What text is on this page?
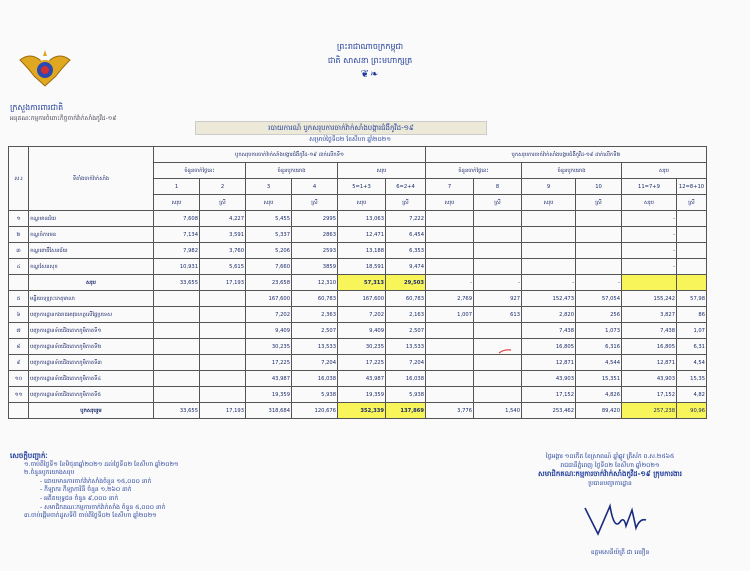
ក្រសួងការពារជាតិ
អនុគណៈកម្មការចំពោះកិច្ចចាក់វ៉ាក់សាំងកូវីដ-១៩
ព្រះរាជាណាចក្រកម្ពុជា
ជាតិ សាសនា ព្រះមហាក្សត្រ
❦❧
របាយការណ៍ បូកសរុបការចាក់វ៉ាក់សាំងបង្ការជំងឺកូវីដ-១៩
សម្រាប់ថ្ងៃទី០២ ខែសីហា ឆ្នាំ២០២១
ល.រ	ទីតាំងចាក់វ៉ាក់សាំង	បូកសរុបការចាក់វ៉ាក់សាំងបង្ការជំងឺកូវីដ-១៩ ដាក់លើកទី១						បូកសរុបការចាក់វ៉ាក់សាំងបង្ការជំងឺកូវីដ-១៩ ដាក់លើកទី២					
		ចំនួនចាក់ថ្ងៃនេះ		ចំនួនបូកយោង		សរុប		ចំនួនចាក់ថ្ងៃនេះ		ចំនួនបូកយោង		សរុប	
		1	2	3	4	5=1+3	6=2+4	7	8	9	10	11=7+9	12=8+10
		សរុប	ស្រី	សរុប	ស្រី	សរុប	ស្រី	សរុប	ស្រី	សរុប	ស្រី	សរុប	ស្រី
១	ខណ្ឌមានជ័យ	7,608	4,227	5,455	2995	13,063	7,222					-	
២	ខណ្ឌចំការមន	7,134	3,591	5,337	2863	12,471	6,454					-	
៣	ខណ្ឌពោធិ៍សែនជ័យ	7,982	3,760	5,206	2593	13,188	6,353					-	
៤	ខណ្ឌសែនសុខ	10,931	5,615	7,660	3859	18,591	9,474					-	
	សរុប	33,655	17,193	23,658	12,310	57,313	29,503	-	-	-	-		
៥	មន្ទីរពេទ្យព្រះកេតុមាលា			167,600	60,783	167,600	60,783	2,769	927	152,473	57,054	155,242	57,98
៦	បញ្ជាការដ្ឋានកងរាជអាវុធហត្ថលើផ្ទៃប្រទេស			7,202	2,363	7,202	2,163	1,007	613	2,820	256	3,827	86
៧	បញ្ជាការដ្ឋានទ័ពជើងគោកភូមិភាគទី១			9,409	2,507	9,409	2,507			7,438	1,073	7,438	1,07
៨	បញ្ជាការដ្ឋានទ័ពជើងគោកភូមិភាគទី២			30,235	13,533	30,235	13,533			16,805	6,316	16,805	6,31
៩	បញ្ជាការដ្ឋានទ័ពជើងគោកភូមិភាគទី៣			17,225	7,204	17,225	7,204			12,871	4,544	12,871	4,54
១០	បញ្ជាការដ្ឋានទ័ពជើងគោកភូមិភាគទី៤			43,987	16,038	43,987	16,038			43,903	15,351	43,903	15,35
១១	បញ្ជាការដ្ឋានទ័ពជើងគោកភូមិភាគទី៥			19,359	5,938	19,359	5,938			17,152	4,826	17,152	4,82
	បូកសរុបរួម	33,655	17,193	318,684	120,676	352,339	137,869	3,776	1,540	253,462	89,420	257,238	90,96
សេចក្ដីបញ្ជាក់ៈ
១.ចាប់ពីថ្ងៃទី១ ខែមិថុនាឆ្នាំ២០២១ ដល់ថ្ងៃទី០២ ខែសីហា ឆ្នាំ២០២១
២.ចំនួនបូកយោងសរុប
- ដោយមានការចាក់វ៉ាក់សាំងចំនួន ១៥,០០០ នាក់
- កីឡាករ កីឡាការិនី ចំនួន ១,២៦០ នាក់
- អតីតយុទ្ធជន ចំនួន ៩,០០០ នាក់
- សមាជិកគណៈកម្មការចាក់វ៉ាក់សាំង ចំនួន ៥,០០០ នាក់
៣.ចាប់ផ្ដើមចាក់ដូសទីបី ចាប់ពីថ្ងៃទី០២ ខែសីហា ឆ្នាំ២០២១
ថ្ងៃអង្គារ ១០កើត ខែស្រាពណ៍ ឆ្នាំឆ្លូវ ត្រីស័ក ព.ស.២៥៦៥
រាជធានីភ្នំពេញ ថ្ងៃទី០២ ខែសីហា ឆ្នាំ២០២១
សមាជិកគណៈកម្មការចាក់វ៉ាក់សាំងកូវីដ-១៩ ក្រុមការងារ
ប្រធានបញ្ជាការដ្ឋាន
ឧត្តមសេនីយ៍ត្រី ជា ឈឿន
